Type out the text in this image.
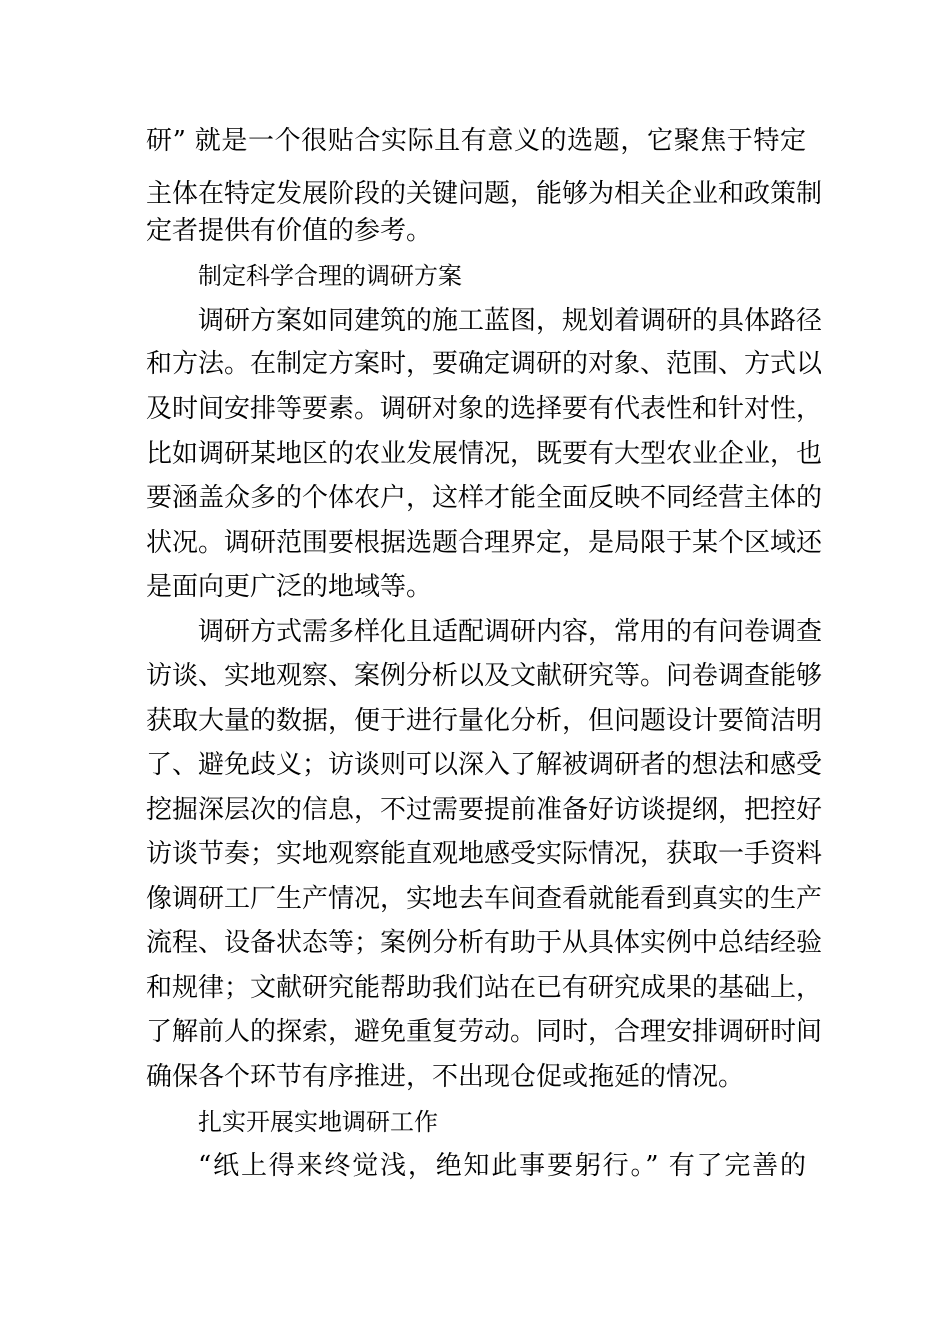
研” 就是一个很贴合实际且有意义的选题，它聚焦于特定
主体在特定发展阶段的关键问题，能够为相关企业和政策制
定者提供有价值的参考。
制定科学合理的调研方案
调研方案如同建筑的施工蓝图，规划着调研的具体路径
和方法。在制定方案时，要确定调研的对象、范围、方式以
及时间安排等要素。调研对象的选择要有代表性和针对性，
比如调研某地区的农业发展情况，既要有大型农业企业，也
要涵盖众多的个体农户，这样才能全面反映不同经营主体的
状况。调研范围要根据选题合理界定，是局限于某个区域还
是面向更广泛的地域等。
调研方式需多样化且适配调研内容，常用的有问卷调查
访谈、实地观察、案例分析以及文献研究等。问卷调查能够
获取大量的数据，便于进行量化分析，但问题设计要简洁明
了、避免歧义；访谈则可以深入了解被调研者的想法和感受
挖掘深层次的信息，不过需要提前准备好访谈提纲，把控好
访谈节奏；实地观察能直观地感受实际情况，获取一手资料
像调研工厂生产情况，实地去车间查看就能看到真实的生产
流程、设备状态等；案例分析有助于从具体实例中总结经验
和规律；文献研究能帮助我们站在已有研究成果的基础上，
了解前人的探索，避免重复劳动。同时，合理安排调研时间
确保各个环节有序推进，不出现仓促或拖延的情况。
扎实开展实地调研工作
“纸上得来终觉浅，绝知此事要躬行。” 有了完善的
